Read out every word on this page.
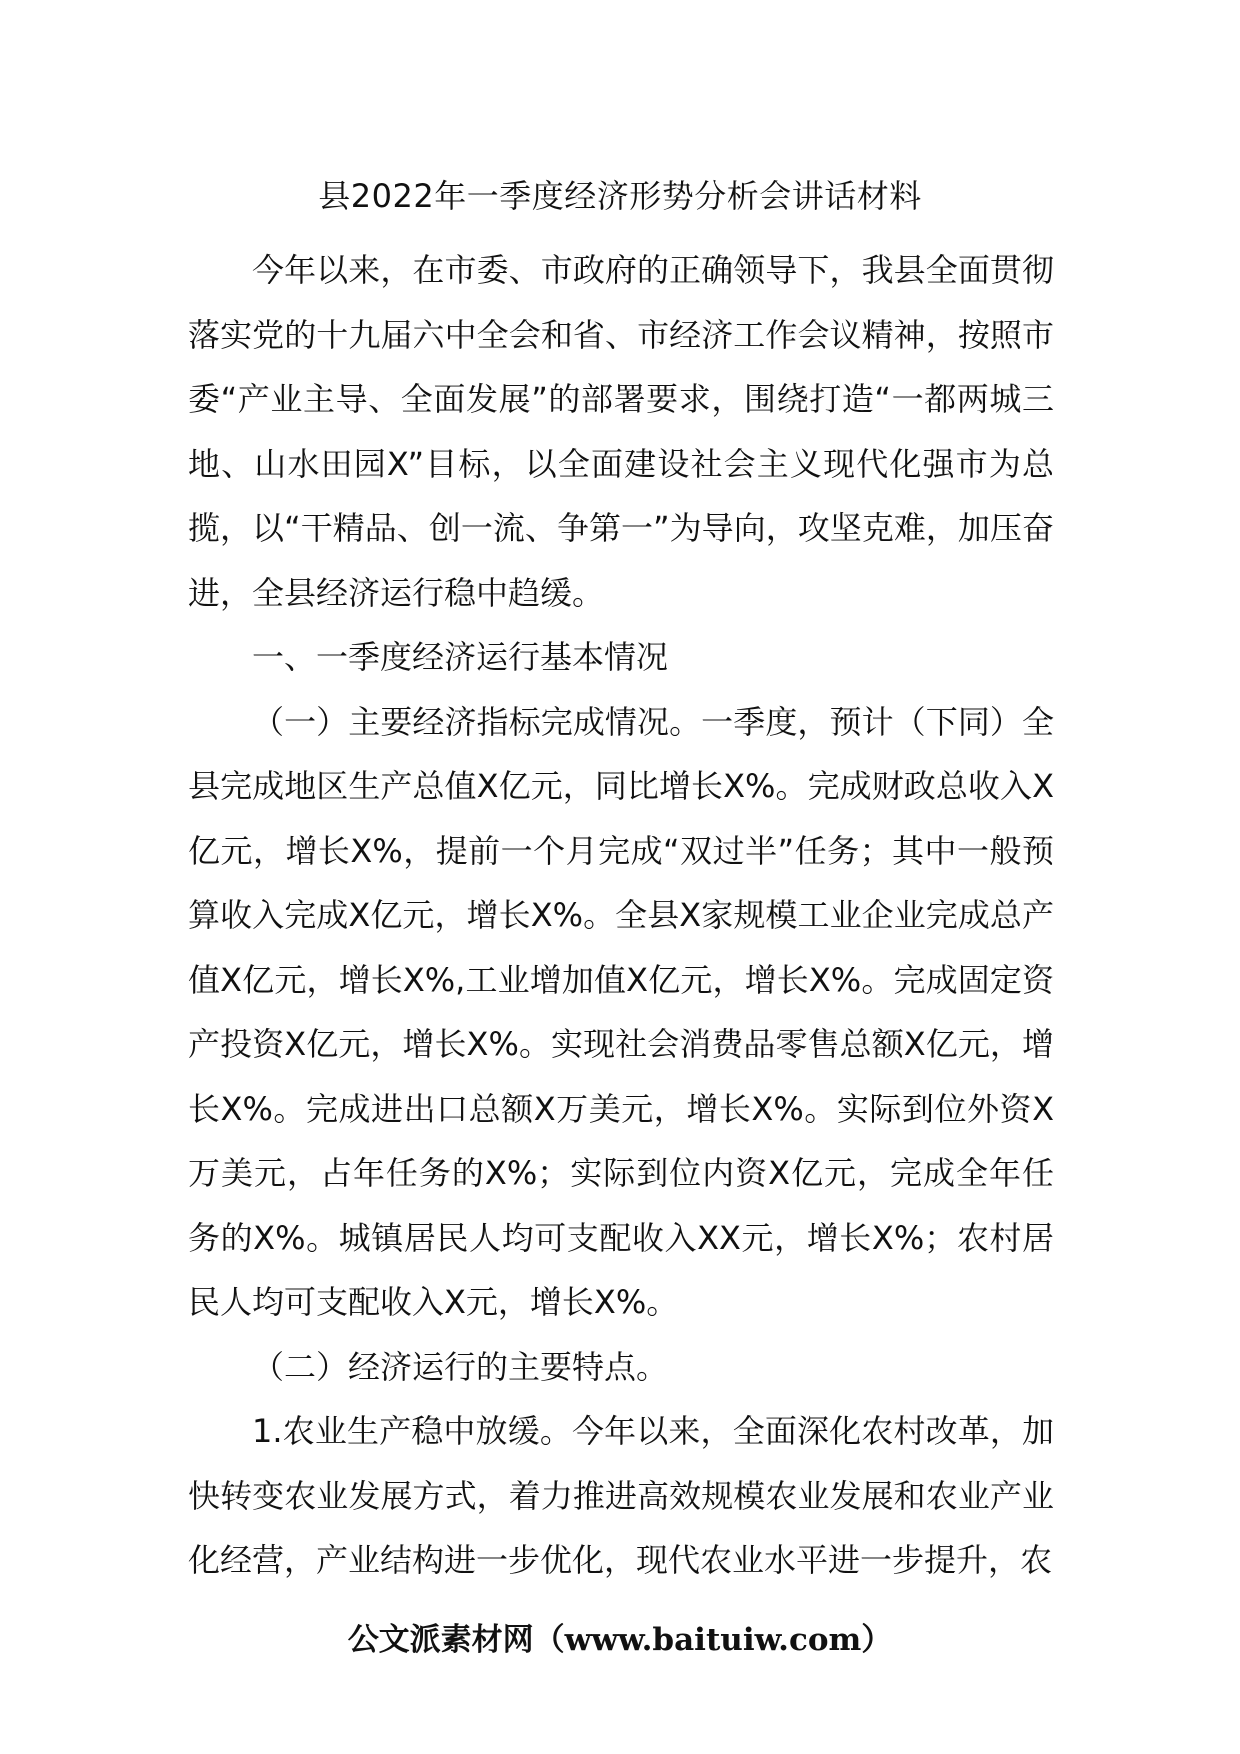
县2022年一季度经济形势分析会讲话材料

今年以来，在市委、市政府的正确领导下，我县全面贯彻落实党的十九届六中全会和省、市经济工作会议精神，按照市委“产业主导、全面发展”的部署要求，围绕打造“一都两城三地、山水田园X”目标，以全面建设社会主义现代化强市为总揽，以“干精品、创一流、争第一”为导向，攻坚克难，加压奋进，全县经济运行稳中趋缓。

一、一季度经济运行基本情况

（一）主要经济指标完成情况。一季度，预计（下同）全县完成地区生产总值X亿元，同比增长X%。完成财政总收入X亿元，增长X%，提前一个月完成“双过半”任务；其中一般预算收入完成X亿元，增长X%。全县X家规模工业企业完成总产值X亿元，增长X%,工业增加值X亿元，增长X%。完成固定资产投资X亿元，增长X%。实现社会消费品零售总额X亿元，增长X%。完成进出口总额X万美元，增长X%。实际到位外资X万美元，占年任务的X%；实际到位内资X亿元，完成全年任务的X%。城镇居民人均可支配收入XX元，增长X%；农村居民人均可支配收入X元，增长X%。

（二）经济运行的主要特点。

1.农业生产稳中放缓。今年以来，全面深化农村改革，加快转变农业发展方式，着力推进高效规模农业发展和农业产业化经营，产业结构进一步优化，现代农业水平进一步提升，农

公文派素材网（www.baituiw.com）
